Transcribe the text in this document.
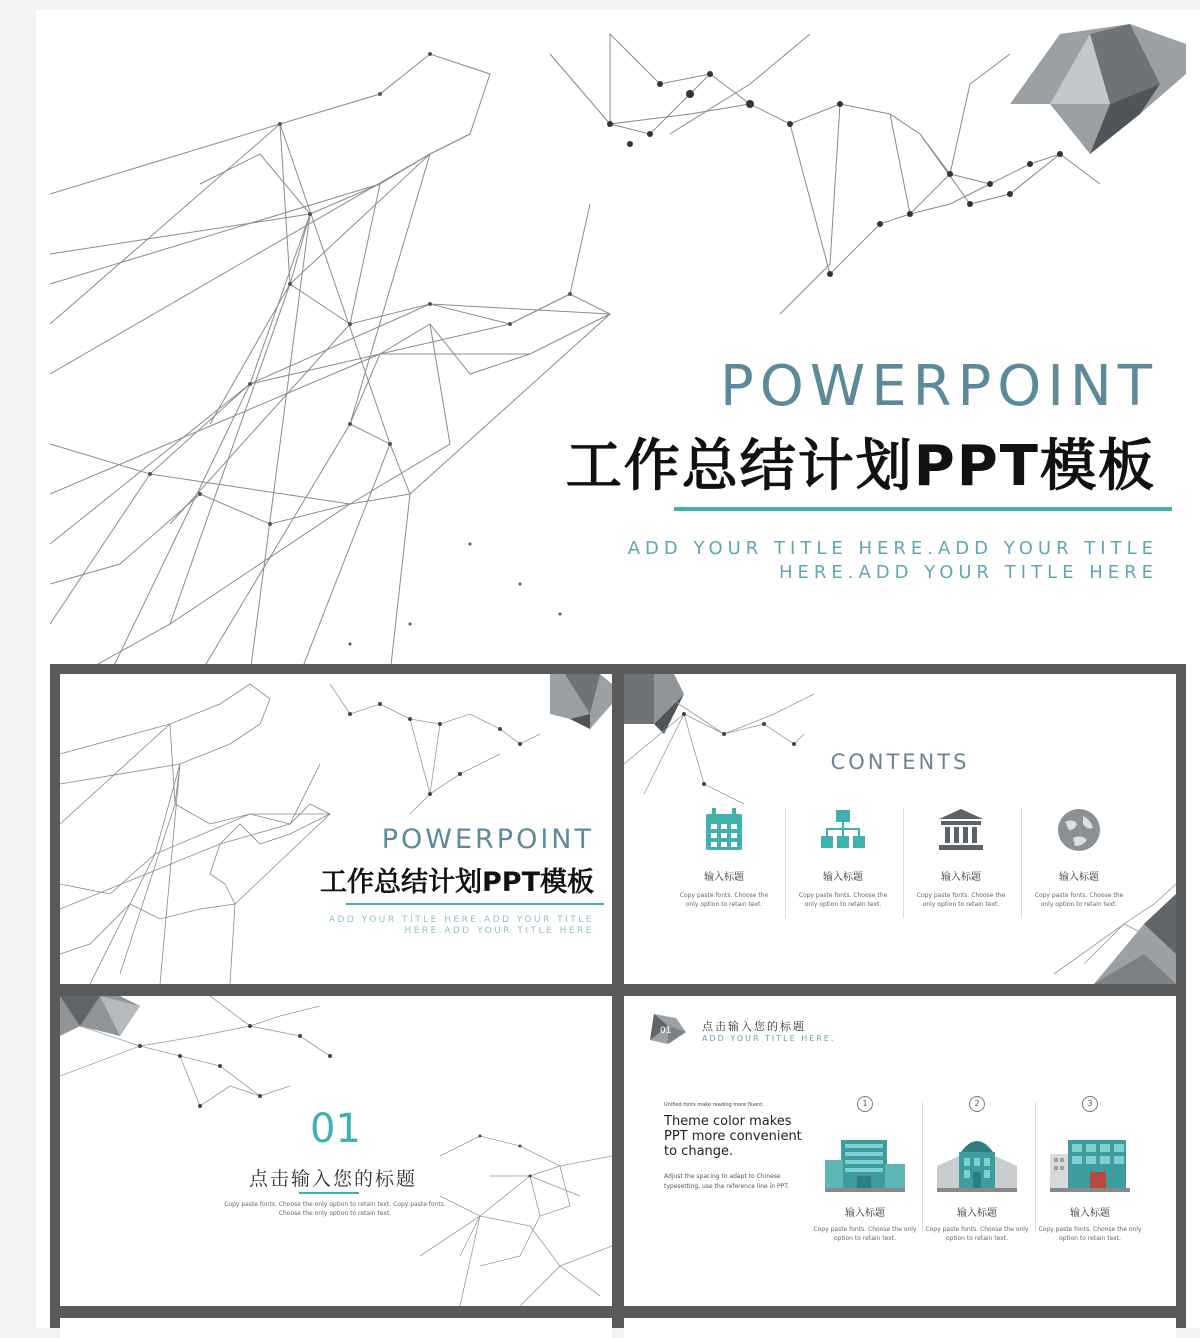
POWERPOINT
工作总结计划PPT模板
ADD YOUR TITLE HERE.ADD YOUR TITLE HERE.ADD YOUR TITLE HERE
POWERPOINT
工作总结计划PPT模板
ADD YOUR TITLE HERE.ADD YOUR TITLE HERE.ADD YOUR TITLE HERE
CONTENTS
输入标题
Copy paste fonts. Choose the only option to retain text.
输入标题
Copy paste fonts. Choose the only option to retain text.
输入标题
Copy paste fonts. Choose the only option to retain text.
输入标题
Copy paste fonts. Choose the only option to retain text.
01
点击输入您的标题
Copy paste fonts. Choose the only option to retain text. Copy paste fonts. Choose the only option to retain text.
01	点击输入您的标题
ADD YOUR TITLE HERE.
Unified fonts make reading more fluent.
Theme color makes PPT more convenient to change.
Adjust the spacing to adapt to Chinese typesetting, use the reference line in PPT.
1
输入标题
Copy paste fonts. Choose the only option to retain text.
2
输入标题
Copy paste fonts. Choose the only option to retain text.
3
输入标题
Copy paste fonts. Choose the only option to retain text.
